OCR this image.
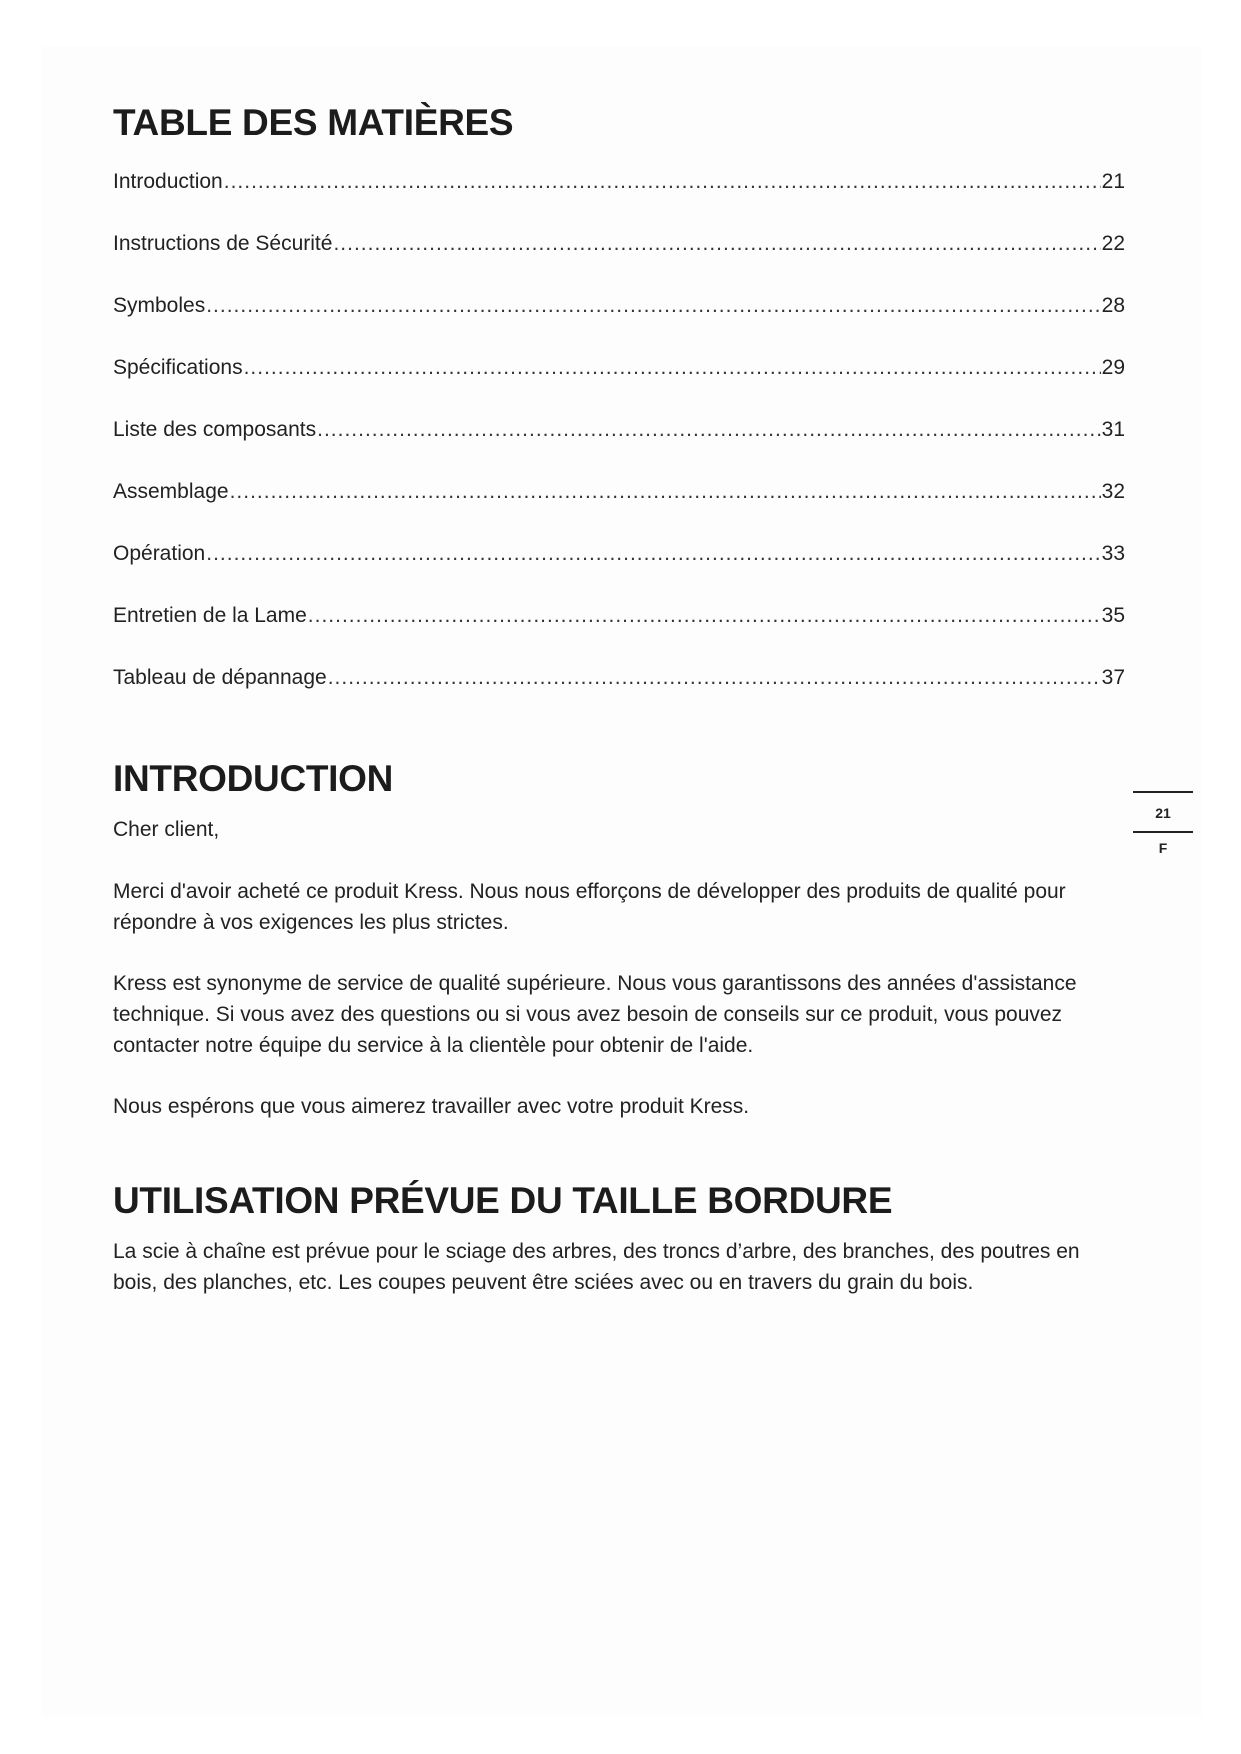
TABLE DES MATIÈRES
Introduction .....	21
Instructions de Sécurité .....	22
Symboles .....	28
Spécifications .....	29
Liste des composants .....	31
Assemblage .....	32
Opération .....	33
Entretien de la Lame .....	35
Tableau de dépannage .....	37
INTRODUCTION

Cher client,

Merci d'avoir acheté ce produit Kress. Nous nous efforçons de développer des produits de qualité pour répondre à vos exigences les plus strictes.

Kress est synonyme de service de qualité supérieure. Nous vous garantissons des années d'assistance technique. Si vous avez des questions ou si vous avez besoin de conseils sur ce produit, vous pouvez contacter notre équipe du service à la clientèle pour obtenir de l'aide.

Nous espérons que vous aimerez travailler avec votre produit Kress.

UTILISATION PRÉVUE DU TAILLE BORDURE

La scie à chaîne est prévue pour le sciage des arbres, des troncs d’arbre, des branches, des poutres en bois, des planches, etc. Les coupes peuvent être sciées avec ou en travers du grain du bois.

21
F
